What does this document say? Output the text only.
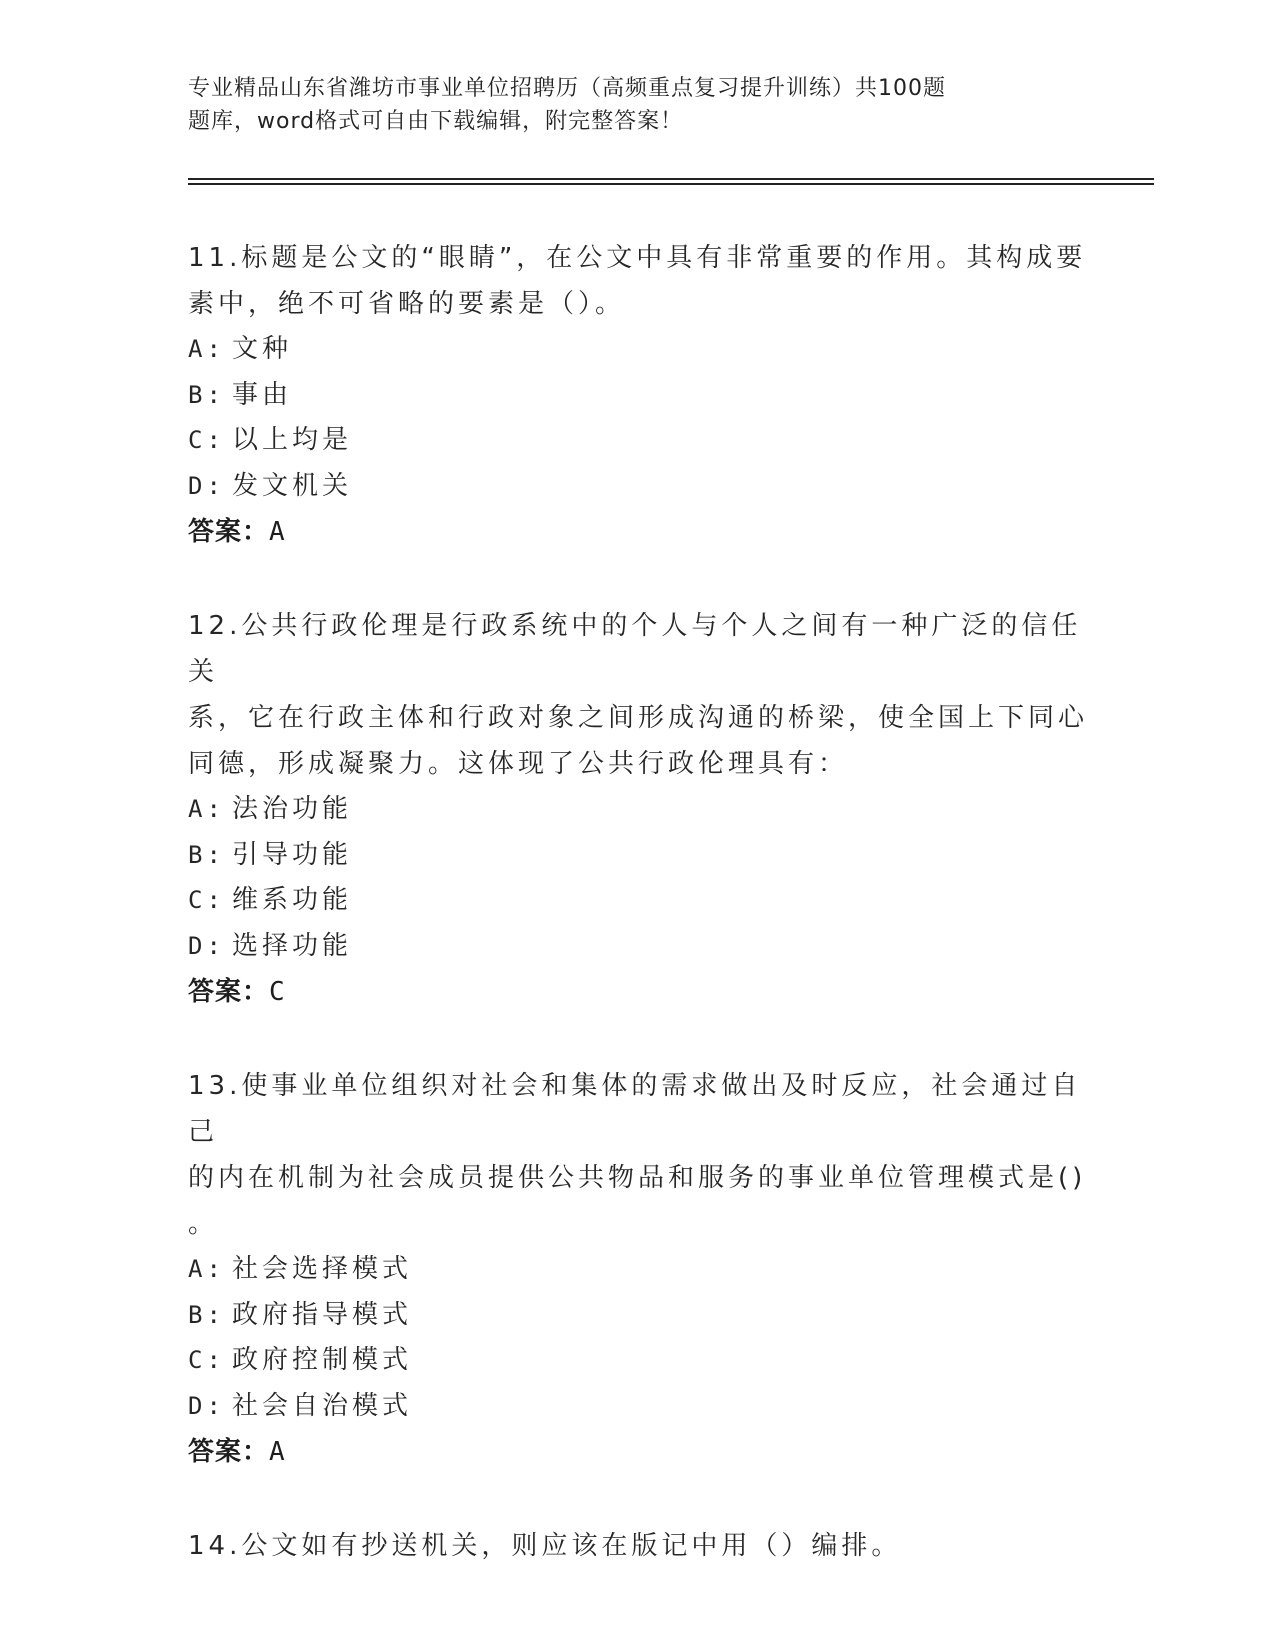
专业精品山东省潍坊市事业单位招聘历（高频重点复习提升训练）共100题
题库，word格式可自由下载编辑，附完整答案！
11.标题是公文的“眼睛”，在公文中具有非常重要的作用。其构成要
素中，绝不可省略的要素是（）。
A: 文种
B: 事由
C: 以上均是
D: 发文机关
答案：A
12.公共行政伦理是行政系统中的个人与个人之间有一种广泛的信任关
系，它在行政主体和行政对象之间形成沟通的桥梁，使全国上下同心
同德，形成凝聚力。这体现了公共行政伦理具有：
A: 法治功能
B: 引导功能
C: 维系功能
D: 选择功能
答案：C
13.使事业单位组织对社会和集体的需求做出及时反应，社会通过自己
的内在机制为社会成员提供公共物品和服务的事业单位管理模式是()
。
A: 社会选择模式
B: 政府指导模式
C: 政府控制模式
D: 社会自治模式
答案：A
14.公文如有抄送机关，则应该在版记中用（）编排。
